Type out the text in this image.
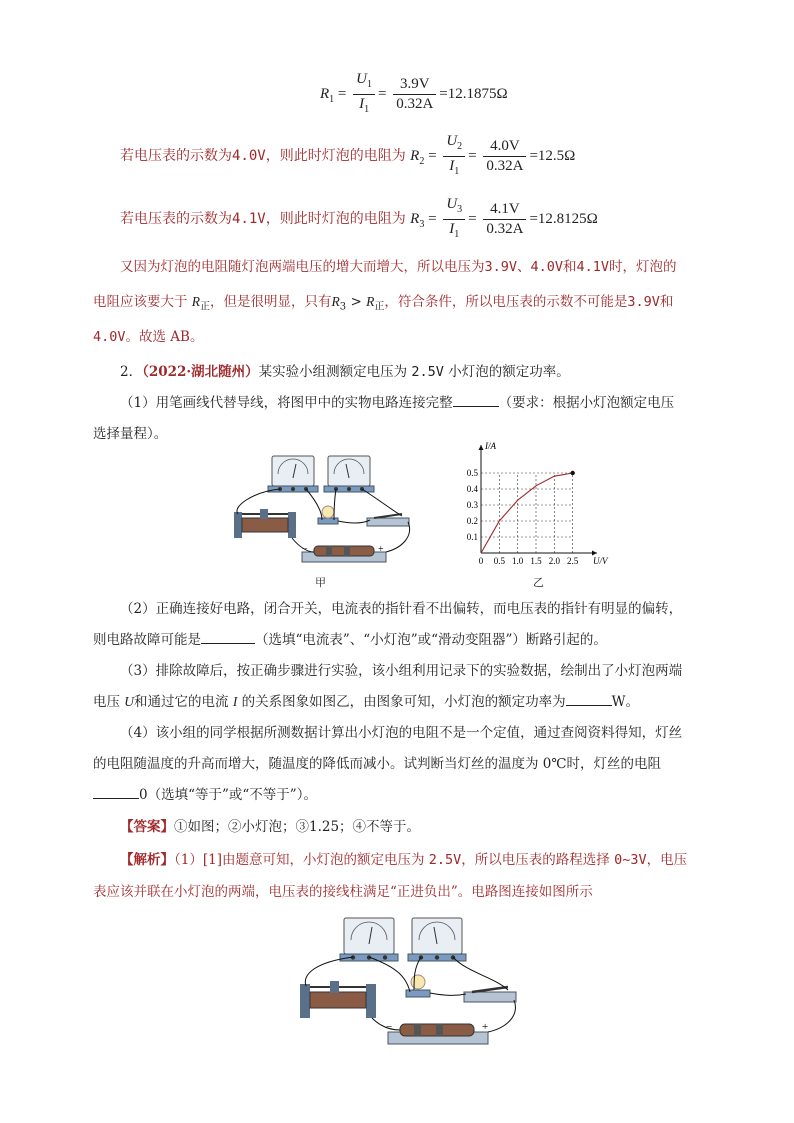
$R_1 = \frac{U_1}{I_1} = \frac{3.9V}{0.32A} =12.1875\Omega$
若电压表的示数为4.0V，则此时灯泡的电阻为 $R_2 = \frac{U_2}{I_1} = \frac{4.0V}{0.32A} =12.5\Omega$
若电压表的示数为4.1V，则此时灯泡的电阻为 $R_3 = \frac{U_3}{I_1} = \frac{4.1V}{0.32A} =12.8125\Omega$
又因为灯泡的电阻随灯泡两端电压的增大而增大，所以电压为3.9V、4.0V和4.1V时，灯泡的
电阻应该要大于 $R_正$，但是很明显，只有$R_3 > R_正$，符合条件，所以电压表的示数不可能是3.9V和
4.0V。故选 AB。
2．（2022·湖北随州）某实验小组测额定电压为 2.5V 小灯泡的额定功率。
（1）用笔画线代替导线，将图甲中的实物电路连接完整	（要求：根据小灯泡额定电压
选择量程）。
−	+
甲
0 0.5 1.0 1.5 2.0 2.5
0.1
0.2
0.3
0.4
0.5
U/V
I/A
乙
（2）正确连接好电路，闭合开关，电流表的指针看不出偏转，而电压表的指针有明显的偏转，
则电路故障可能是	（选填“电流表”、“小灯泡”或“滑动变阻器”）断路引起的。
（3）排除故障后，按正确步骤进行实验，该小组利用记录下的实验数据，绘制出了小灯泡两端
电压 U和通过它的电流 I 的关系图象如图乙，由图象可知，小灯泡的额定功率为	W。
（4）该小组的同学根据所测数据计算出小灯泡的电阻不是一个定值，通过查阅资料得知，灯丝
的电阻随温度的升高而增大，随温度的降低而减小。试判断当灯丝的温度为 0℃时，灯丝的电阻
0（选填“等于”或“不等于”）。
【答案】①如图；②小灯泡；③1.25；④不等于。
【解析】（1）[1]由题意可知，小灯泡的额定电压为 2.5V，所以电压表的路程选择 0~3V，电压
表应该并联在小灯泡的两端，电压表的接线柱满足“正进负出”。电路图连接如图所示
−	+
